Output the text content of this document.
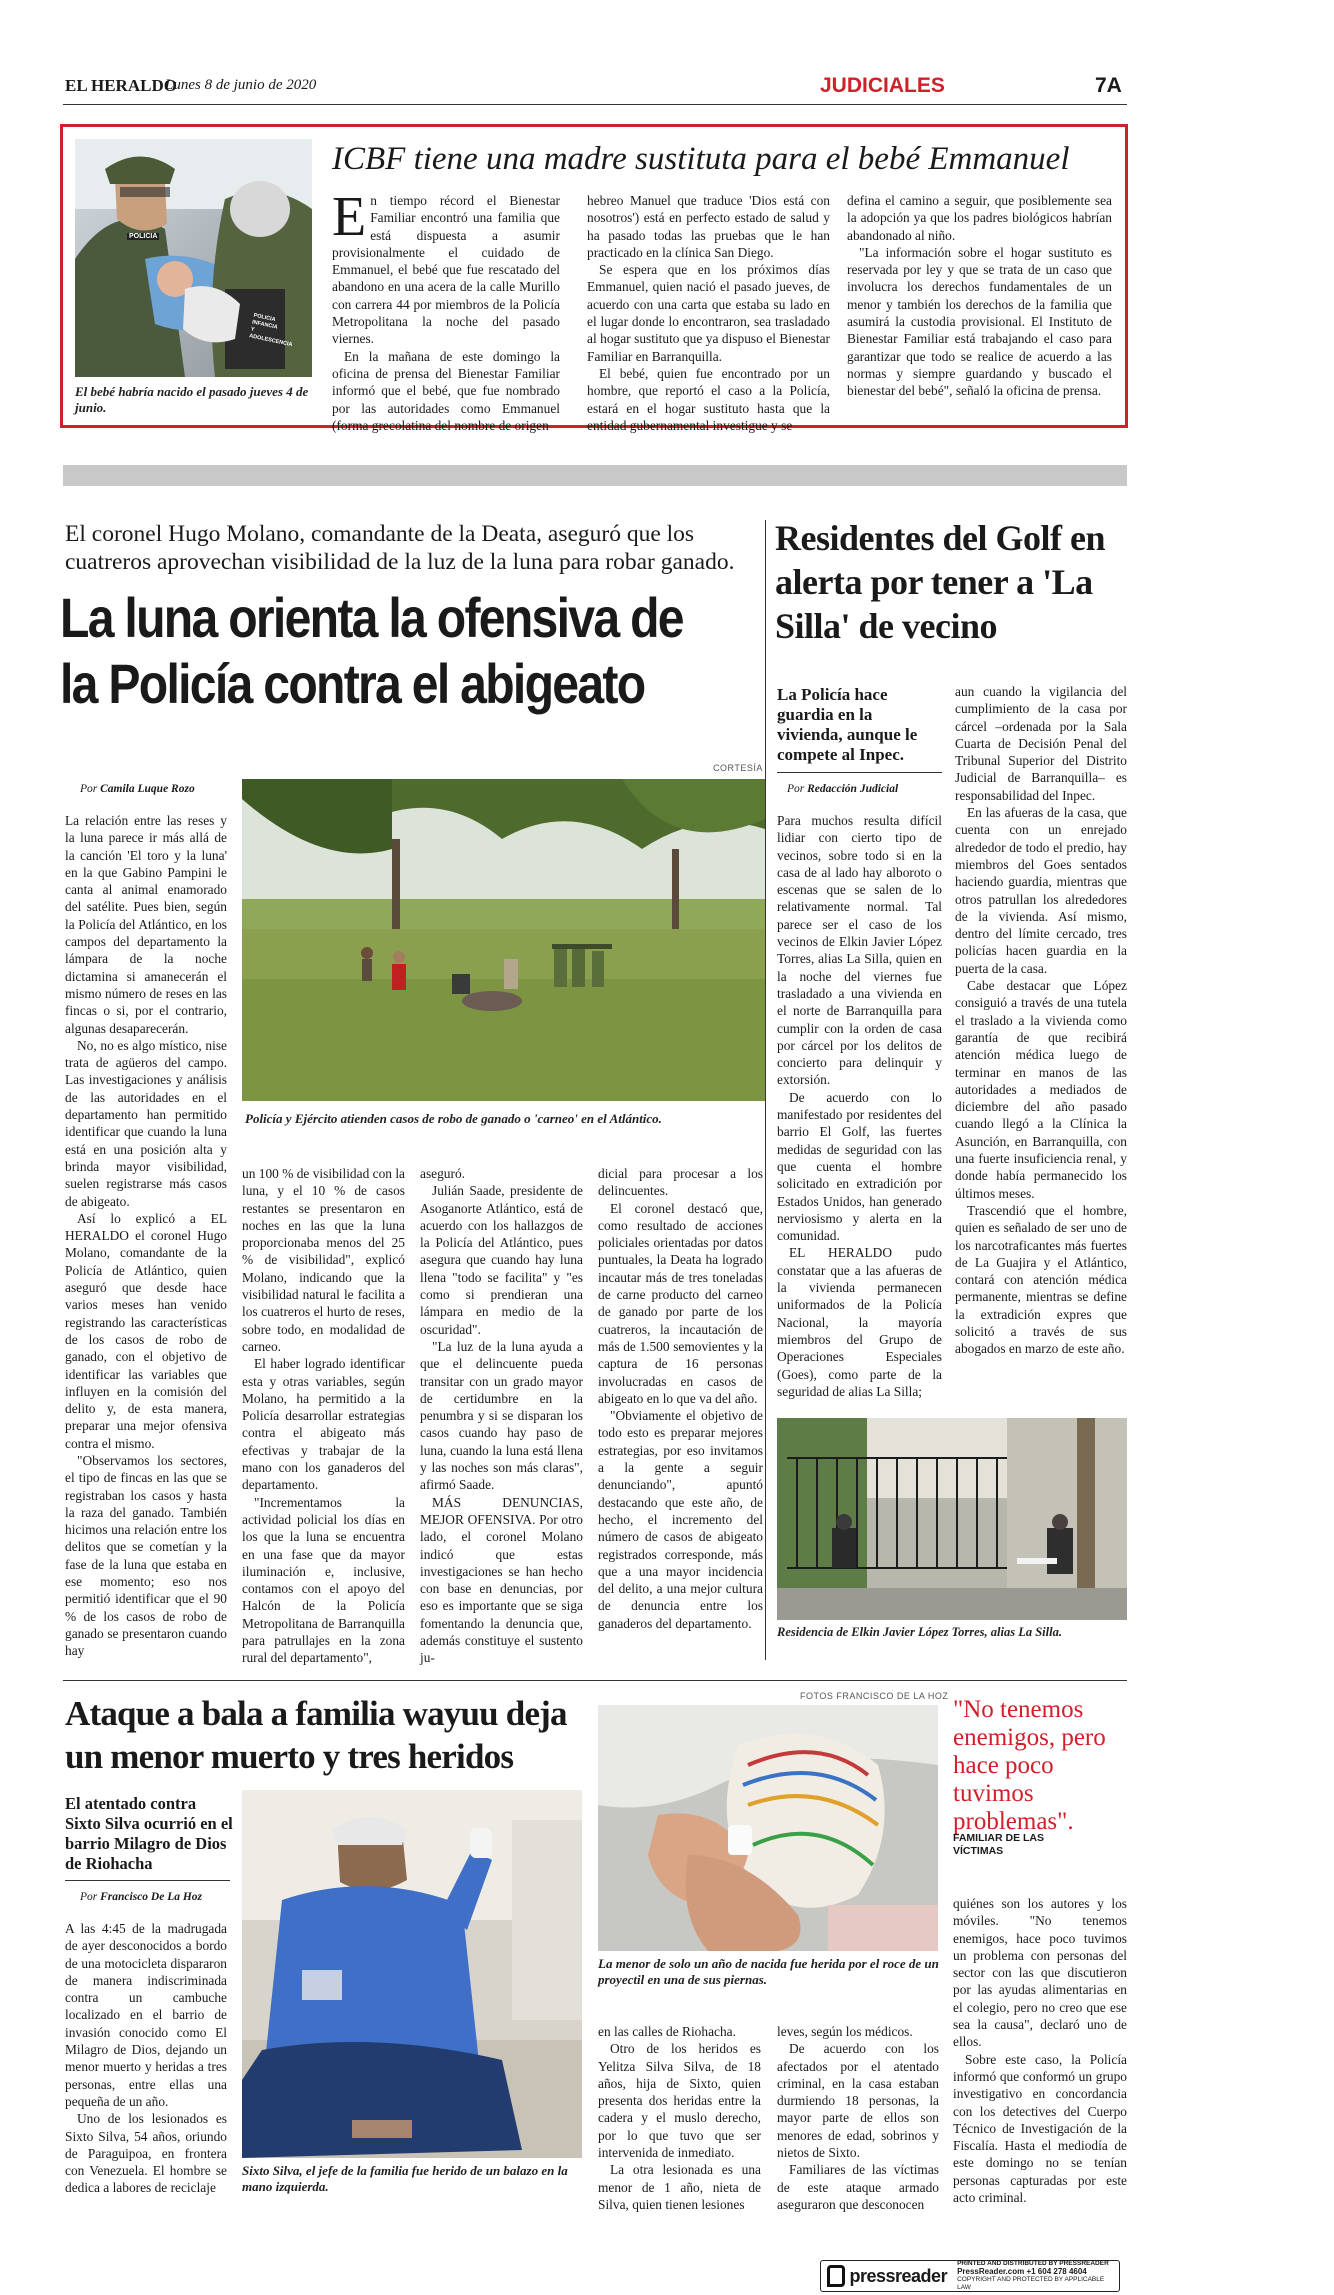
EL HERALDO
Lunes 8 de junio de 2020	JUDICIALES	7A
POLICIA
POLICIA INFANCIA Y ADOLESCENCIA
El bebé habría nacido el pasado jueves 4 de junio.
ICBF tiene una madre sustituta para el bebé Emmanuel
E n tiempo récord el Bienestar Familiar encontró una familia que está dispuesta a asumir provisionalmente el cuidado de Emmanuel, el bebé que fue rescatado del abandono en una acera de la calle Murillo con carrera 44 por miembros de la Policía Metropolitana la noche del pasado viernes.

En la mañana de este domingo la oficina de prensa del Bienestar Familiar informó que el bebé, que fue nombrado por las autoridades como Emmanuel (forma grecolatina del nombre de origen

hebreo Manuel que traduce 'Dios está con nosotros') está en perfecto estado de salud y ha pasado todas las pruebas que le han practicado en la clínica San Diego.

Se espera que en los próximos días Emmanuel, quien nació el pasado jueves, de acuerdo con una carta que estaba su lado en el lugar donde lo encontraron, sea trasladado al hogar sustituto que ya dispuso el Bienestar Familiar en Barranquilla.

El bebé, quien fue encontrado por un hombre, que reportó el caso a la Policía, estará en el hogar sustituto hasta que la entidad gubernamental investigue y se

defina el camino a seguir, que posiblemente sea la adopción ya que los padres biológicos habrían abandonado al niño.

"La información sobre el hogar sustituto es reservada por ley y que se trata de un caso que involucra los derechos fundamentales de un menor y también los derechos de la familia que asumirá la custodia provisional. El Instituto de Bienestar Familiar está trabajando el caso para garantizar que todo se realice de acuerdo a las normas y siempre guardando y buscado el bienestar del bebé", señaló la oficina de prensa.

El coronel Hugo Molano, comandante de la Deata, aseguró que los cuatreros aprovechan visibilidad de la luz de la luna para robar ganado.
La luna orienta la ofensiva de
la Policía contra el abigeato
CORTESÍA
Por Camila Luque Rozo
Policía y Ejército atienden casos de robo de ganado o 'carneo' en el Atlántico.

La relación entre las reses y la luna parece ir más allá de la canción 'El toro y la luna' en la que Gabino Pampini le canta al animal enamorado del satélite. Pues bien, según la Policía del Atlántico, en los campos del departamento la lámpara de la noche dictamina si amanecerán el mismo número de reses en las fincas o si, por el contrario, algunas desaparecerán.

No, no es algo místico, nise trata de agüeros del campo. Las investigaciones y análisis de las autoridades en el departamento han permitido identificar que cuando la luna está en una posición alta y brinda mayor visibilidad, suelen registrarse más casos de abigeato.

Así lo explicó a EL HERALDO el coronel Hugo Molano, comandante de la Policía de Atlántico, quien aseguró que desde hace varios meses han venido registrando las características de los casos de robo de ganado, con el objetivo de identificar las variables que influyen en la comisión del delito y, de esta manera, preparar una mejor ofensiva contra el mismo.

"Observamos los sectores, el tipo de fincas en las que se registraban los casos y hasta la raza del ganado. También hicimos una relación entre los delitos que se cometían y la fase de la luna que estaba en ese momento; eso nos permitió identificar que el 90 % de los casos de robo de ganado se presentaron cuando hay

un 100 % de visibilidad con la luna, y el 10 % de casos restantes se presentaron en noches en las que la luna proporcionaba menos del 25 % de visibilidad", explicó Molano, indicando que la visibilidad natural le facilita a los cuatreros el hurto de reses, sobre todo, en modalidad de carneo.

El haber logrado identificar esta y otras variables, según Molano, ha permitido a la Policía desarrollar estrategias contra el abigeato más efectivas y trabajar de la mano con los ganaderos del departamento.

"Incrementamos la actividad policial los días en los que la luna se encuentra en una fase que da mayor iluminación e, inclusive, contamos con el apoyo del Halcón de la Policía Metropolitana de Barranquilla para patrullajes en la zona rural del departamento",

aseguró.

Julián Saade, presidente de Asoganorte Atlántico, está de acuerdo con los hallazgos de la Policía del Atlántico, pues asegura que cuando hay luna llena "todo se facilita" y "es como si prendieran una lámpara en medio de la oscuridad".

"La luz de la luna ayuda a que el delincuente pueda transitar con un grado mayor de certidumbre en la penumbra y si se disparan los casos cuando hay paso de luna, cuando la luna está llena y las noches son más claras", afirmó Saade.

MÁS DENUNCIAS, MEJOR OFENSIVA. Por otro lado, el coronel Molano indicó que estas investigaciones se han hecho con base en denuncias, por eso es importante que se siga fomentando la denuncia que, además constituye el sustento ju-

dicial para procesar a los delincuentes.

El coronel destacó que, como resultado de acciones policiales orientadas por datos puntuales, la Deata ha logrado incautar más de tres toneladas de carne producto del carneo de ganado por parte de los cuatreros, la incautación de más de 1.500 semovientes y la captura de 16 personas involucradas en casos de abigeato en lo que va del año.

"Obviamente el objetivo de todo esto es preparar mejores estrategias, por eso invitamos a la gente a seguir denunciando", apuntó destacando que este año, de hecho, el incremento del número de casos de abigeato registrados corresponde, más que a una mayor incidencia del delito, a una mejor cultura de denuncia entre los ganaderos del departamento.

Residentes del Golf en alerta por tener a 'La Silla' de vecino
La Policía hace guardia en la vivienda, aunque le compete al Inpec.
Por Redacción Judicial

Para muchos resulta difícil lidiar con cierto tipo de vecinos, sobre todo si en la casa de al lado hay alboroto o escenas que se salen de lo relativamente normal. Tal parece ser el caso de los vecinos de Elkin Javier López Torres, alias La Silla, quien en la noche del viernes fue trasladado a una vivienda en el norte de Barranquilla para cumplir con la orden de casa por cárcel por los delitos de concierto para delinquir y extorsión.

De acuerdo con lo manifestado por residentes del barrio El Golf, las fuertes medidas de seguridad con las que cuenta el hombre solicitado en extradición por Estados Unidos, han generado nerviosismo y alerta en la comunidad.

EL HERALDO pudo constatar que a las afueras de la vivienda permanecen uniformados de la Policía Nacional, la mayoría miembros del Grupo de Operaciones Especiales (Goes), como parte de la seguridad de alias La Silla;

aun cuando la vigilancia del cumplimiento de la casa por cárcel –ordenada por la Sala Cuarta de Decisión Penal del Tribunal Superior del Distrito Judicial de Barranquilla– es responsabilidad del Inpec.

En las afueras de la casa, que cuenta con un enrejado alrededor de todo el predio, hay miembros del Goes sentados haciendo guardia, mientras que otros patrullan los alrededores de la vivienda. Así mismo, dentro del límite cercado, tres policías hacen guardia en la puerta de la casa.

Cabe destacar que López consiguió a través de una tutela el traslado a la vivienda como garantía de que recibirá atención médica luego de terminar en manos de las autoridades a mediados de diciembre del año pasado cuando llegó a la Clínica la Asunción, en Barranquilla, con una fuerte insuficiencia renal, y donde había permanecido los últimos meses.

Trascendió que el hombre, quien es señalado de ser uno de los narcotraficantes más fuertes de La Guajira y el Atlántico, contará con atención médica permanente, mientras se define la extradición expres que solicitó a través de sus abogados en marzo de este año.

Residencia de Elkin Javier López Torres, alias La Silla.
Ataque a bala a familia wayuu deja un menor muerto y tres heridos
El atentado contra Sixto Silva ocurrió en el barrio Milagro de Dios de Riohacha
Por Francisco De La Hoz

A las 4:45 de la madrugada de ayer desconocidos a bordo de una motocicleta dispararon de manera indiscriminada contra un cambuche localizado en el barrio de invasión conocido como El Milagro de Dios, dejando un menor muerto y heridas a tres personas, entre ellas una pequeña de un año.

Uno de los lesionados es Sixto Silva, 54 años, oriundo de Paraguipoa, en frontera con Venezuela. El hombre se dedica a labores de reciclaje

Sixto Silva, el jefe de la familia fue herido de un balazo en la mano izquierda.
FOTOS FRANCISCO DE LA HOZ
La menor de solo un año de nacida fue herida por el roce de un proyectil en una de sus piernas.

en las calles de Riohacha.

Otro de los heridos es Yelitza Silva Silva, de 18 años, hija de Sixto, quien presenta dos heridas entre la cadera y el muslo derecho, por lo que tuvo que ser intervenida de inmediato.

La otra lesionada es una menor de 1 año, nieta de Silva, quien tienen lesiones

leves, según los médicos.

De acuerdo con los afectados por el atentado criminal, en la casa estaban durmiendo 18 personas, la mayor parte de ellos son menores de edad, sobrinos y nietos de Sixto.

Familiares de las víctimas de este ataque armado aseguraron que desconocen

"No tenemos enemigos, pero hace poco tuvimos problemas".
FAMILIAR DE LAS VÍCTIMAS

quiénes son los autores y los móviles. "No tenemos enemigos, hace poco tuvimos un problema con personas del sector con las que discutieron por las ayudas alimentarias en el colegio, pero no creo que ese sea la causa", declaró uno de ellos.

Sobre este caso, la Policía informó que conformó un grupo investigativo en concordancia con los detectives del Cuerpo Técnico de Investigación de la Fiscalía. Hasta el mediodía de este domingo no se tenían personas capturadas por este acto criminal.

pressreader
PRINTED AND DISTRIBUTED BY PRESSREADER
PressReader.com +1 604 278 4604
COPYRIGHT AND PROTECTED BY APPLICABLE LAW
